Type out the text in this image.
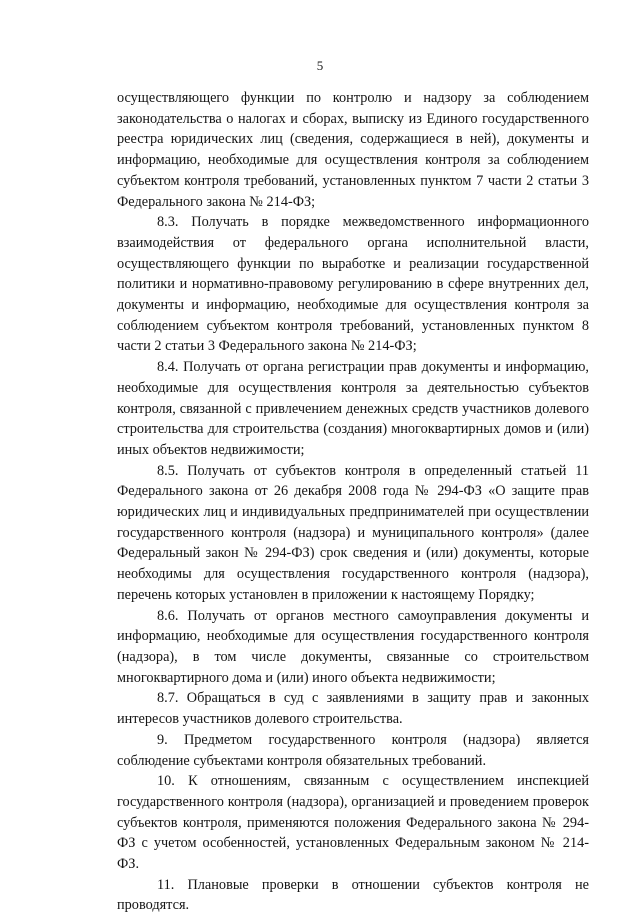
5

осуществляющего функции по контролю и надзору за соблюдением законодательства о налогах и сборах, выписку из Единого государственного реестра юридических лиц (сведения, содержащиеся в ней), документы и информацию, необходимые для осуществления контроля за соблюдением субъектом контроля требований, установленных пунктом 7 части 2 статьи 3 Федерального закона № 214-ФЗ;

8.3. Получать в порядке межведомственного информационного взаимодействия от федерального органа исполнительной власти, осуществляющего функции по выработке и реализации государственной политики и нормативно-правовому регулированию в сфере внутренних дел, документы и информацию, необходимые для осуществления контроля за соблюдением субъектом контроля требований, установленных пунктом 8 части 2 статьи 3 Федерального закона № 214-ФЗ;

8.4. Получать от органа регистрации прав документы и информацию, необходимые для осуществления контроля за деятельностью субъектов контроля, связанной с привлечением денежных средств участников долевого строительства для строительства (создания) многоквартирных домов и (или) иных объектов недвижимости;

8.5. Получать от субъектов контроля в определенный статьей 11 Федерального закона от 26 декабря 2008 года № 294-ФЗ «О защите прав юридических лиц и индивидуальных предпринимателей при осуществлении государственного контроля (надзора) и муниципального контроля» (далее Федеральный закон № 294-ФЗ) срок сведения и (или) документы, которые необходимы для осуществления государственного контроля (надзора), перечень которых установлен в приложении к настоящему Порядку;

8.6. Получать от органов местного самоуправления документы и информацию, необходимые для осуществления государственного контроля (надзора), в том числе документы, связанные со строительством многоквартирного дома и (или) иного объекта недвижимости;

8.7. Обращаться в суд с заявлениями в защиту прав и законных интересов участников долевого строительства.

9. Предметом государственного контроля (надзора) является соблюдение субъектами контроля обязательных требований.

10. К отношениям, связанным с осуществлением инспекцией государственного контроля (надзора), организацией и проведением проверок субъектов контроля, применяются положения Федерального закона № 294-ФЗ с учетом особенностей, установленных Федеральным законом № 214-ФЗ.

11. Плановые проверки в отношении субъектов контроля не проводятся.
